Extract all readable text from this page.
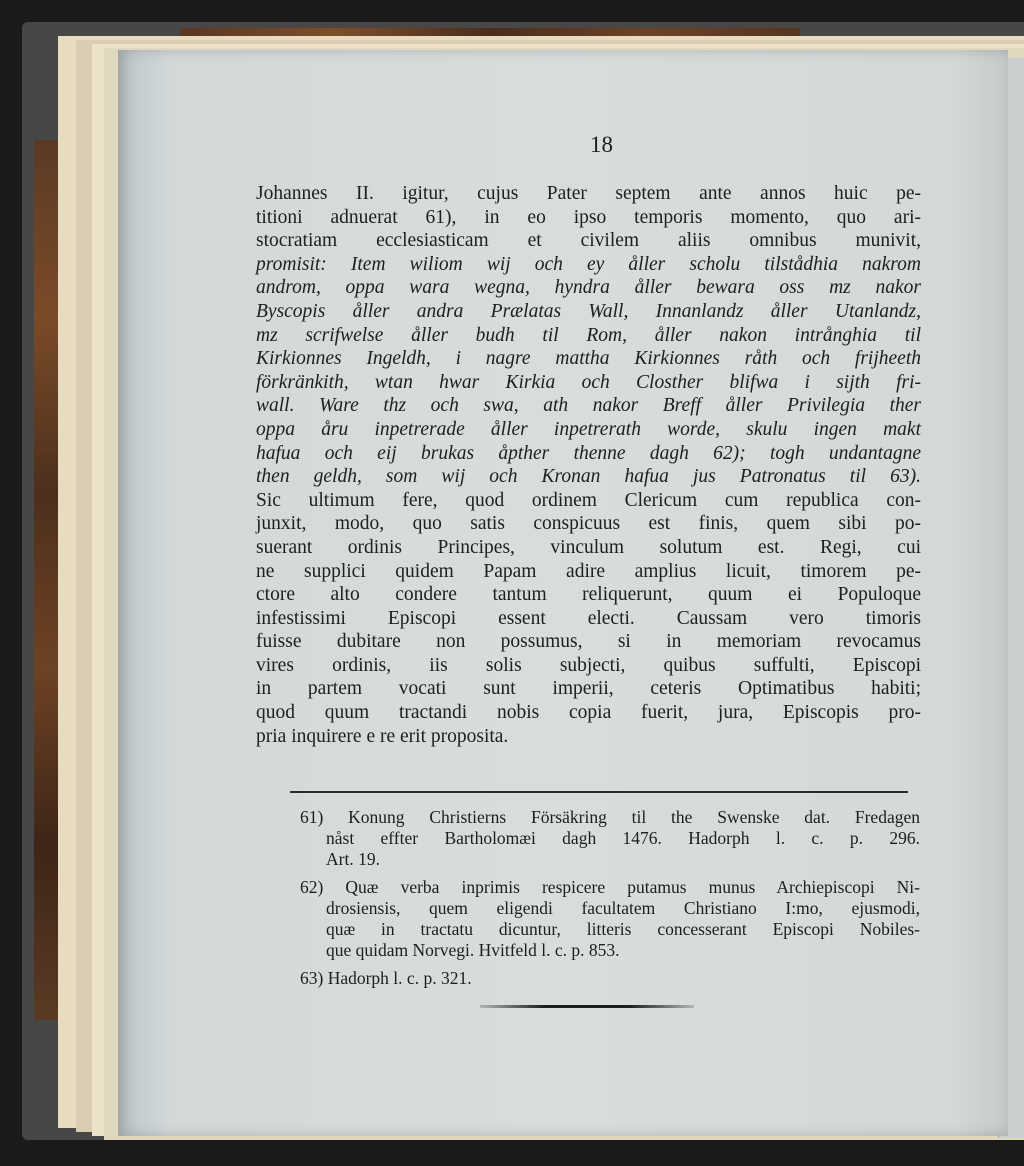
18
Johannes II. igitur, cujus Pater septem ante annos huic pe-
titioni adnuerat 61), in eo ipso temporis momento, quo ari-
stocratiam ecclesiasticam et civilem aliis omnibus munivit,
promisit: Item wiliom wij och ey åller scholu tilstådhia nakrom
androm, oppa wara wegna, hyndra åller bewara oss mz nakor
Byscopis åller andra Prælatas Wall, Innanlandz åller Utanlandz,
mz scrifwelse åller budh til Rom, åller nakon intrånghia til
Kirkionnes Ingeldh, i nagre mattha Kirkionnes råth och frijheeth
förkränkith, wtan hwar Kirkia och Closther blifwa i sijth fri-
wall. Ware thz och swa, ath nakor Breff åller Privilegia ther
oppa åru inpetrerade åller inpetrerath worde, skulu ingen makt
hafua och eij brukas åpther thenne dagh 62); togh undantagne
then geldh, som wij och Kronan hafua jus Patronatus til 63).
Sic ultimum fere, quod ordinem Clericum cum republica con-
junxit, modo, quo satis conspicuus est finis, quem sibi po-
suerant ordinis Principes, vinculum solutum est. Regi, cui
ne supplici quidem Papam adire amplius licuit, timorem pe-
ctore alto condere tantum reliquerunt, quum ei Populoque
infestissimi Episcopi essent electi. Caussam vero timoris
fuisse dubitare non possumus, si in memoriam revocamus
vires ordinis, iis solis subjecti, quibus suffulti, Episcopi
in partem vocati sunt imperii, ceteris Optimatibus habiti;
quod quum tractandi nobis copia fuerit, jura, Episcopis pro-
pria inquirere e re erit proposita.
61) Konung Christierns Försäkring til the Swenske dat. Fredagen
nåst effter Bartholomæi dagh 1476. Hadorph l. c. p. 296.
Art. 19.
62) Quæ verba inprimis respicere putamus munus Archiepiscopi Ni-
drosiensis, quem eligendi facultatem Christiano I:mo, ejusmodi,
quæ in tractatu dicuntur, litteris concesserant Episcopi Nobiles-
que quidam Norvegi. Hvitfeld l. c. p. 853.
63) Hadorph l. c. p. 321.
